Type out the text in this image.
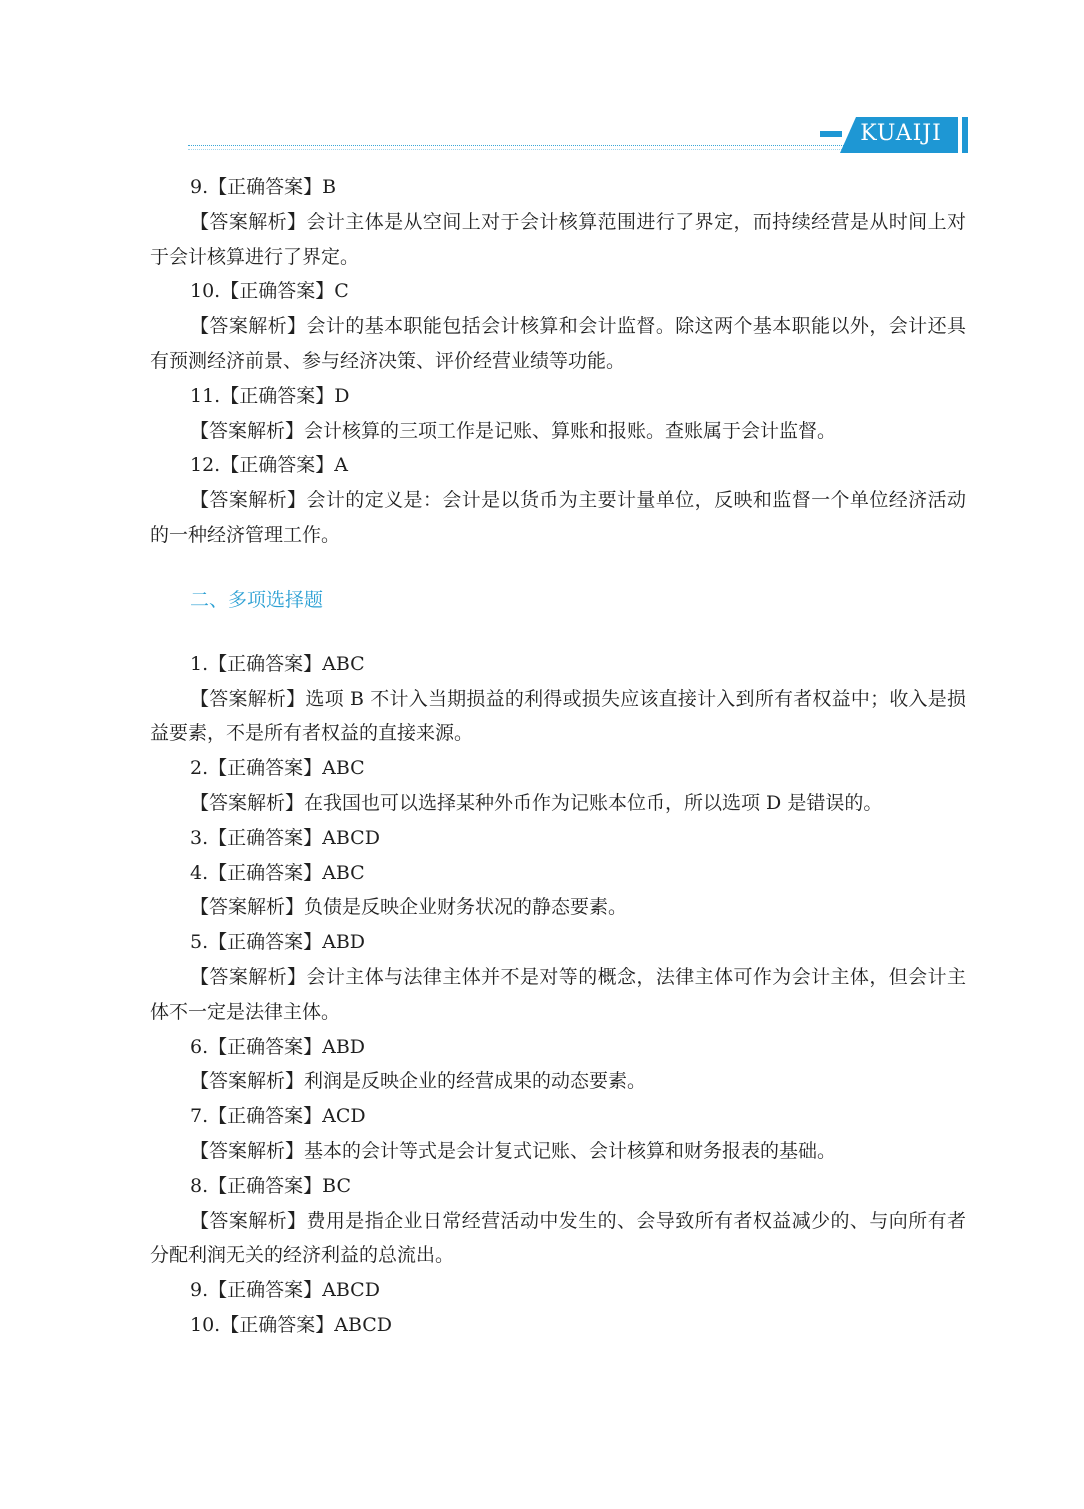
KUAIJI
9.【正确答案】B
【答案解析】会计主体是从空间上对于会计核算范围进行了界定，而持续经营是从时间上对于会计核算进行了界定。
10.【正确答案】C
【答案解析】会计的基本职能包括会计核算和会计监督。除这两个基本职能以外，会计还具有预测经济前景、参与经济决策、评价经营业绩等功能。
11.【正确答案】D
【答案解析】会计核算的三项工作是记账、算账和报账。查账属于会计监督。
12.【正确答案】A
【答案解析】会计的定义是：会计是以货币为主要计量单位，反映和监督一个单位经济活动的一种经济管理工作。
二、多项选择题
1.【正确答案】ABC
【答案解析】选项 B 不计入当期损益的利得或损失应该直接计入到所有者权益中；收入是损益要素，不是所有者权益的直接来源。
2.【正确答案】ABC
【答案解析】在我国也可以选择某种外币作为记账本位币，所以选项 D 是错误的。
3.【正确答案】ABCD
4.【正确答案】ABC
【答案解析】负债是反映企业财务状况的静态要素。
5.【正确答案】ABD
【答案解析】会计主体与法律主体并不是对等的概念，法律主体可作为会计主体，但会计主体不一定是法律主体。
6.【正确答案】ABD
【答案解析】利润是反映企业的经营成果的动态要素。
7.【正确答案】ACD
【答案解析】基本的会计等式是会计复式记账、会计核算和财务报表的基础。
8.【正确答案】BC
【答案解析】费用是指企业日常经营活动中发生的、会导致所有者权益减少的、与向所有者分配利润无关的经济利益的总流出。
9.【正确答案】ABCD
10.【正确答案】ABCD
